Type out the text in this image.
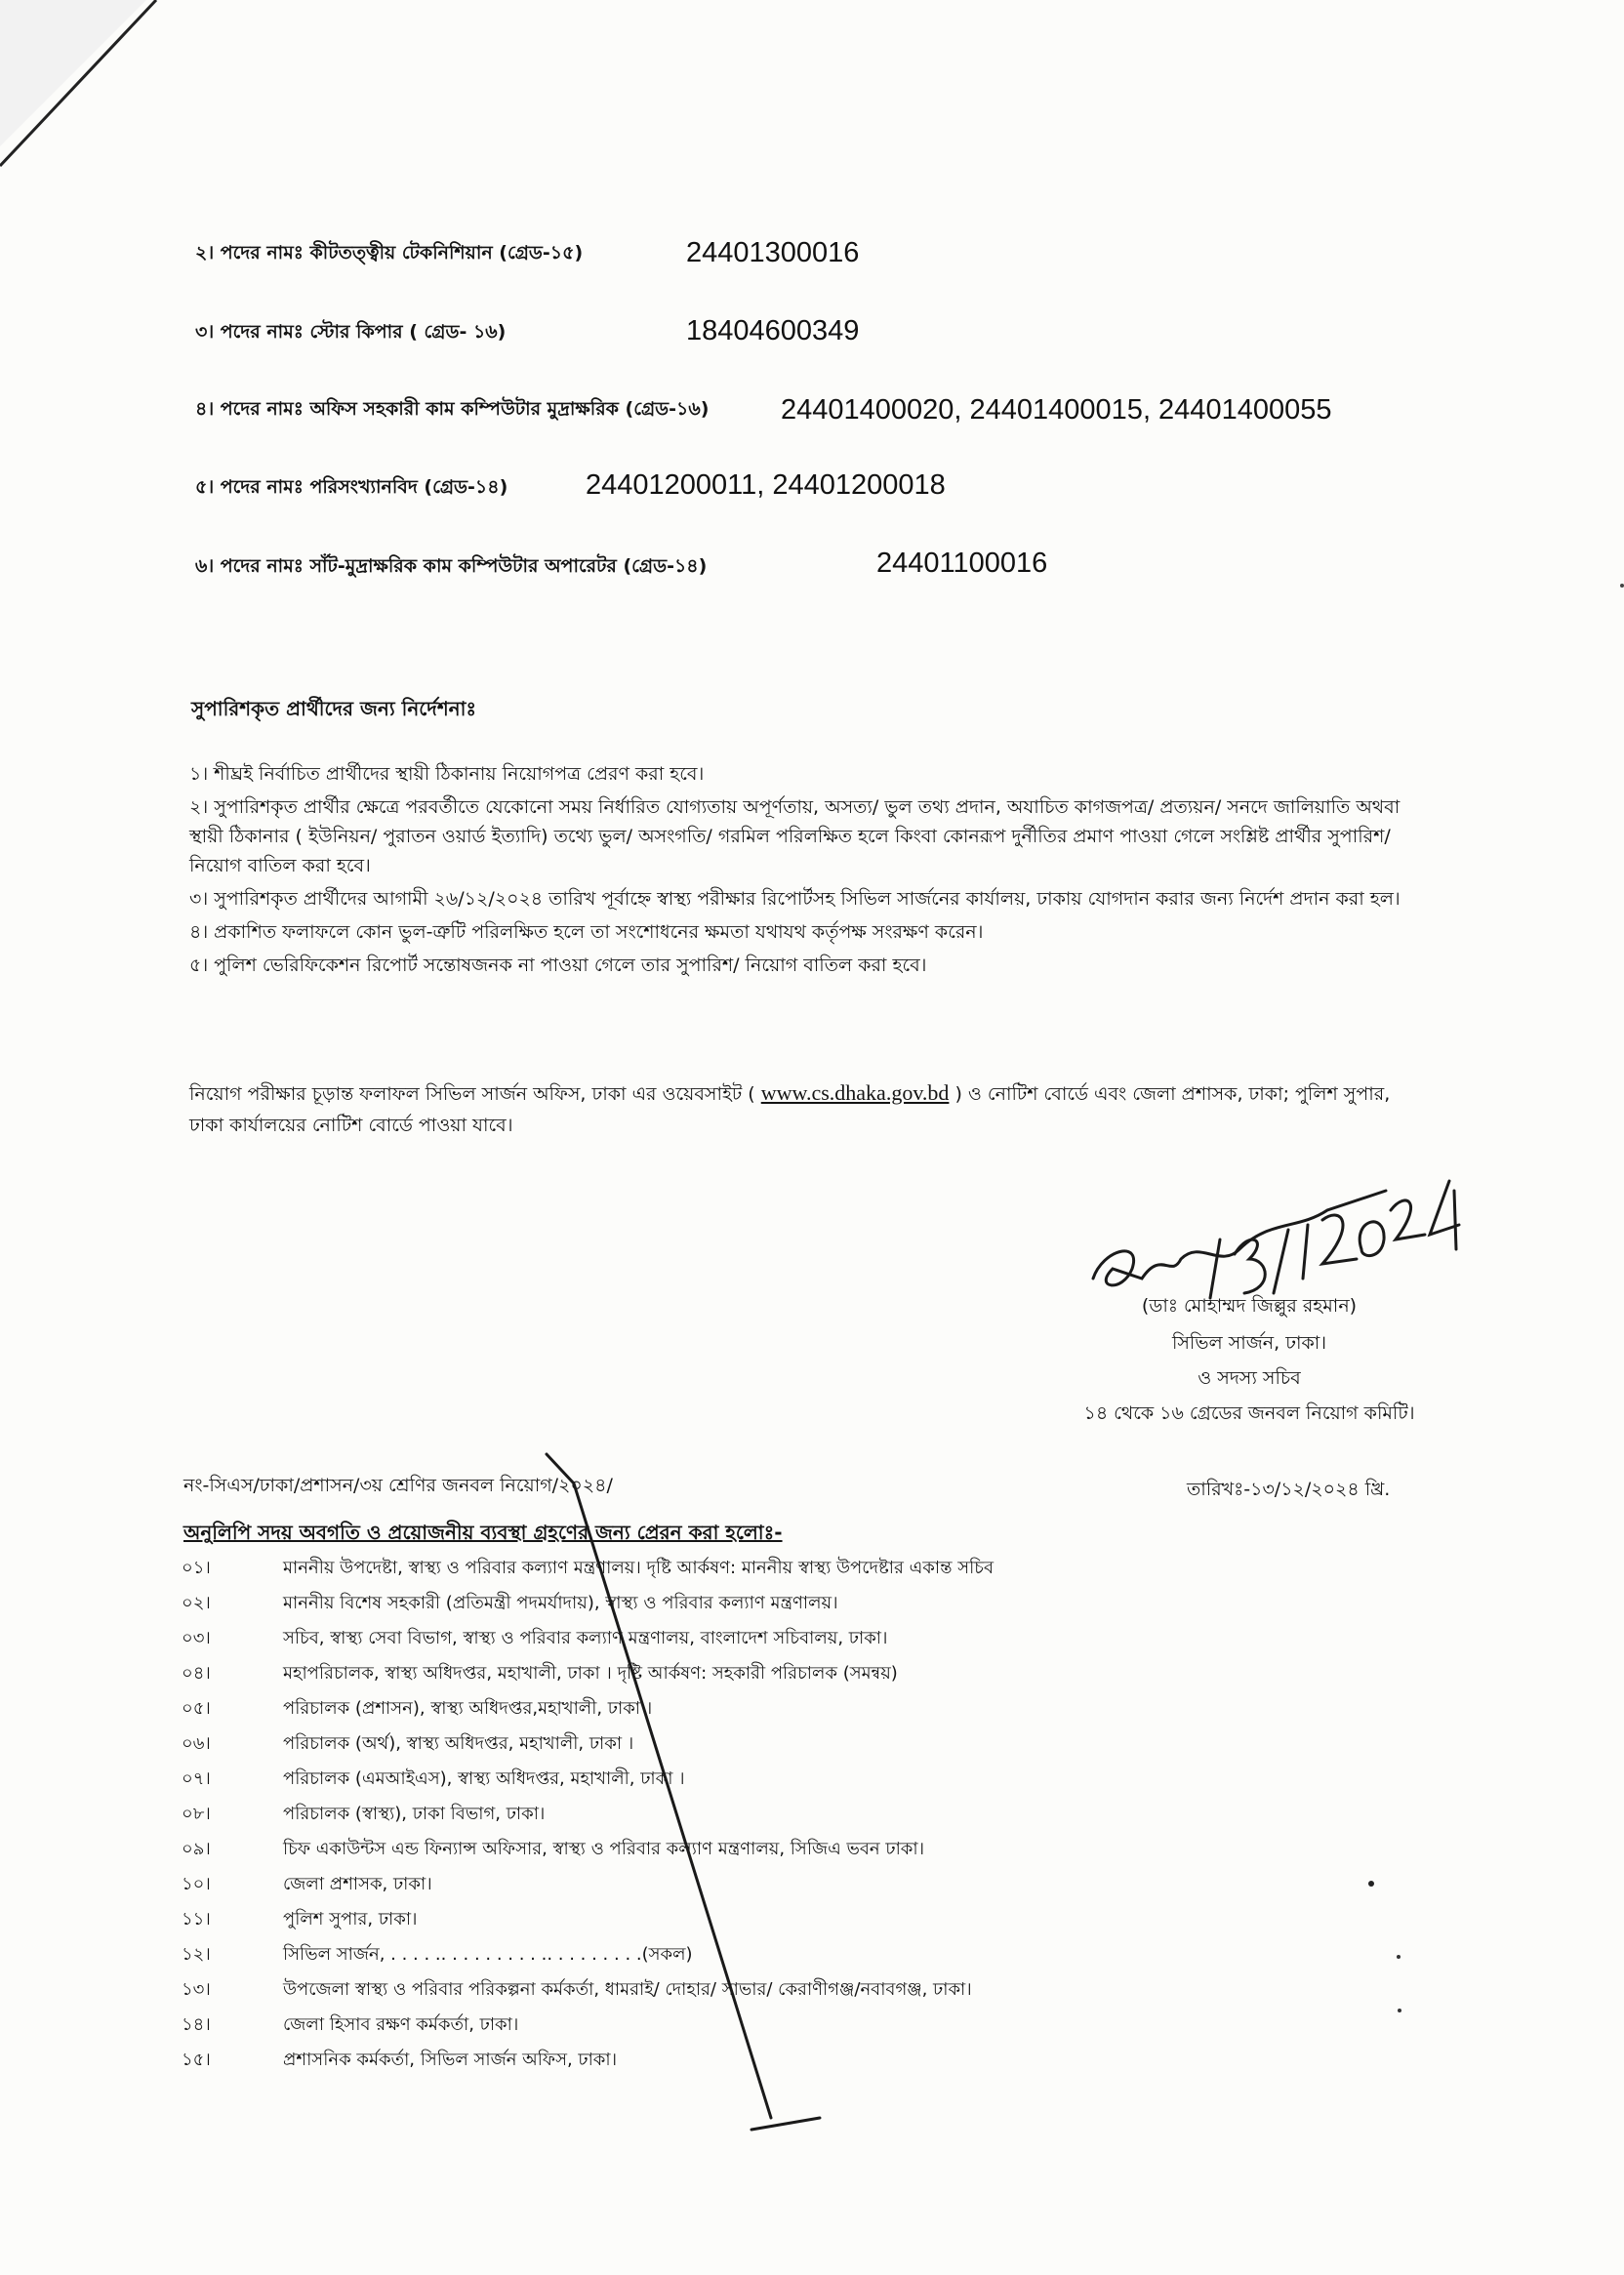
২। পদের নামঃ কীটতত্ত্বীয় টেকনিশিয়ান (গ্রেড-১৫)	24401300016
৩। পদের নামঃ স্টোর কিপার ( গ্রেড- ১৬)	18404600349
৪। পদের নামঃ অফিস সহকারী কাম কম্পিউটার মুদ্রাক্ষরিক (গ্রেড-১৬)	24401400020, 24401400015, 24401400055
৫। পদের নামঃ পরিসংখ্যানবিদ (গ্রেড-১৪)	24401200011, 24401200018
৬। পদের নামঃ সাঁট-মুদ্রাক্ষরিক কাম কম্পিউটার অপারেটর (গ্রেড-১৪)	24401100016
সুপারিশকৃত প্রার্থীদের জন্য নির্দেশনাঃ

১। শীঘ্রই নির্বাচিত প্রার্থীদের স্থায়ী ঠিকানায় নিয়োগপত্র প্রেরণ করা হবে।

২। সুপারিশকৃত প্রার্থীর ক্ষেত্রে পরবর্তীতে যেকোনো সময় নির্ধারিত যোগ্যতায় অপূর্ণতায়, অসত্য/ ভুল তথ্য প্রদান, অযাচিত কাগজপত্র/ প্রত্যয়ন/ সনদে জালিয়াতি অথবা স্থায়ী ঠিকানার ( ইউনিয়ন/ পুরাতন ওয়ার্ড ইত্যাদি) তথ্যে ভুল/ অসংগতি/ গরমিল পরিলক্ষিত হলে কিংবা কোনরূপ দুর্নীতির প্রমাণ পাওয়া গেলে সংশ্লিষ্ট প্রার্থীর সুপারিশ/ নিয়োগ বাতিল করা হবে।

৩। সুপারিশকৃত প্রার্থীদের আগামী ২৬/১২/২০২৪ তারিখ পূর্বাহ্নে স্বাস্থ্য পরীক্ষার রিপোর্টসহ সিভিল সার্জনের কার্যালয়, ঢাকায় যোগদান করার জন্য নির্দেশ প্রদান করা হল।

৪। প্রকাশিত ফলাফলে কোন ভুল-ত্রুটি পরিলক্ষিত হলে তা সংশোধনের ক্ষমতা যথাযথ কর্তৃপক্ষ সংরক্ষণ করেন।

৫। পুলিশ ভেরিফিকেশন রিপোর্ট সন্তোষজনক না পাওয়া গেলে তার সুপারিশ/ নিয়োগ বাতিল করা হবে।

নিয়োগ পরীক্ষার চূড়ান্ত ফলাফল সিভিল সার্জন অফিস, ঢাকা এর ওয়েবসাইট ( www.cs.dhaka.gov.bd ) ও নোটিশ বোর্ডে এবং জেলা প্রশাসক, ঢাকা; পুলিশ সুপার, ঢাকা কার্যালয়ের নোটিশ বোর্ডে পাওয়া যাবে।
(ডাঃ মোহাম্মদ জিল্লুর রহমান)
সিভিল সার্জন, ঢাকা।
ও সদস্য সচিব
১৪ থেকে ১৬ গ্রেডের জনবল নিয়োগ কমিটি।
নং-সিএস/ঢাকা/প্রশাসন/৩য় শ্রেণির জনবল নিয়োগ/২০২৪/	তারিখঃ-১৩/১২/২০২৪ খ্রি.
অনুলিপি সদয় অবগতি ও প্রয়োজনীয় ব্যবস্থা গ্রহণের জন্য প্রেরন করা হলোঃ-
০১।	মাননীয় উপদেষ্টা, স্বাস্থ্য ও পরিবার কল্যাণ মন্ত্রণালয়। দৃষ্টি আর্কষণ: মাননীয় স্বাস্থ্য উপদেষ্টার একান্ত সচিব
০২।	মাননীয় বিশেষ সহকারী (প্রতিমন্ত্রী পদমর্যাদায়), স্বাস্থ্য ও পরিবার কল্যাণ মন্ত্রণালয়।
০৩।	সচিব, স্বাস্থ্য সেবা বিভাগ, স্বাস্থ্য ও পরিবার কল্যাণ মন্ত্রণালয়, বাংলাদেশ সচিবালয়, ঢাকা।
০৪।	মহাপরিচালক, স্বাস্থ্য অধিদপ্তর, মহাখালী, ঢাকা । দৃষ্টি আর্কষণ: সহকারী পরিচালক (সমন্বয়)
০৫।	পরিচালক (প্রশাসন), স্বাস্থ্য অধিদপ্তর,মহাখালী, ঢাকা ।
০৬।	পরিচালক (অর্থ), স্বাস্থ্য অধিদপ্তর, মহাখালী, ঢাকা ।
০৭।	পরিচালক (এমআইএস), স্বাস্থ্য অধিদপ্তর, মহাখালী, ঢাকা ।
০৮।	পরিচালক (স্বাস্থ্য), ঢাকা বিভাগ, ঢাকা।
০৯।	চিফ একাউন্টস এন্ড ফিন্যান্স অফিসার, স্বাস্থ্য ও পরিবার কল্যাণ মন্ত্রণালয়, সিজিএ ভবন ঢাকা।
১০।	জেলা প্রশাসক, ঢাকা।
১১।	পুলিশ সুপার, ঢাকা।
১২।	সিভিল সার্জন, . . . . .. . . . . . . . . .. . . . . . . . .(সকল)
১৩।	উপজেলা স্বাস্থ্য ও পরিবার পরিকল্পনা কর্মকর্তা, ধামরাই/ দোহার/ সাভার/ কেরাণীগঞ্জ/নবাবগঞ্জ, ঢাকা।
১৪।	জেলা হিসাব রক্ষণ কর্মকর্তা, ঢাকা।
১৫।	প্রশাসনিক কর্মকর্তা, সিভিল সার্জন অফিস, ঢাকা।
